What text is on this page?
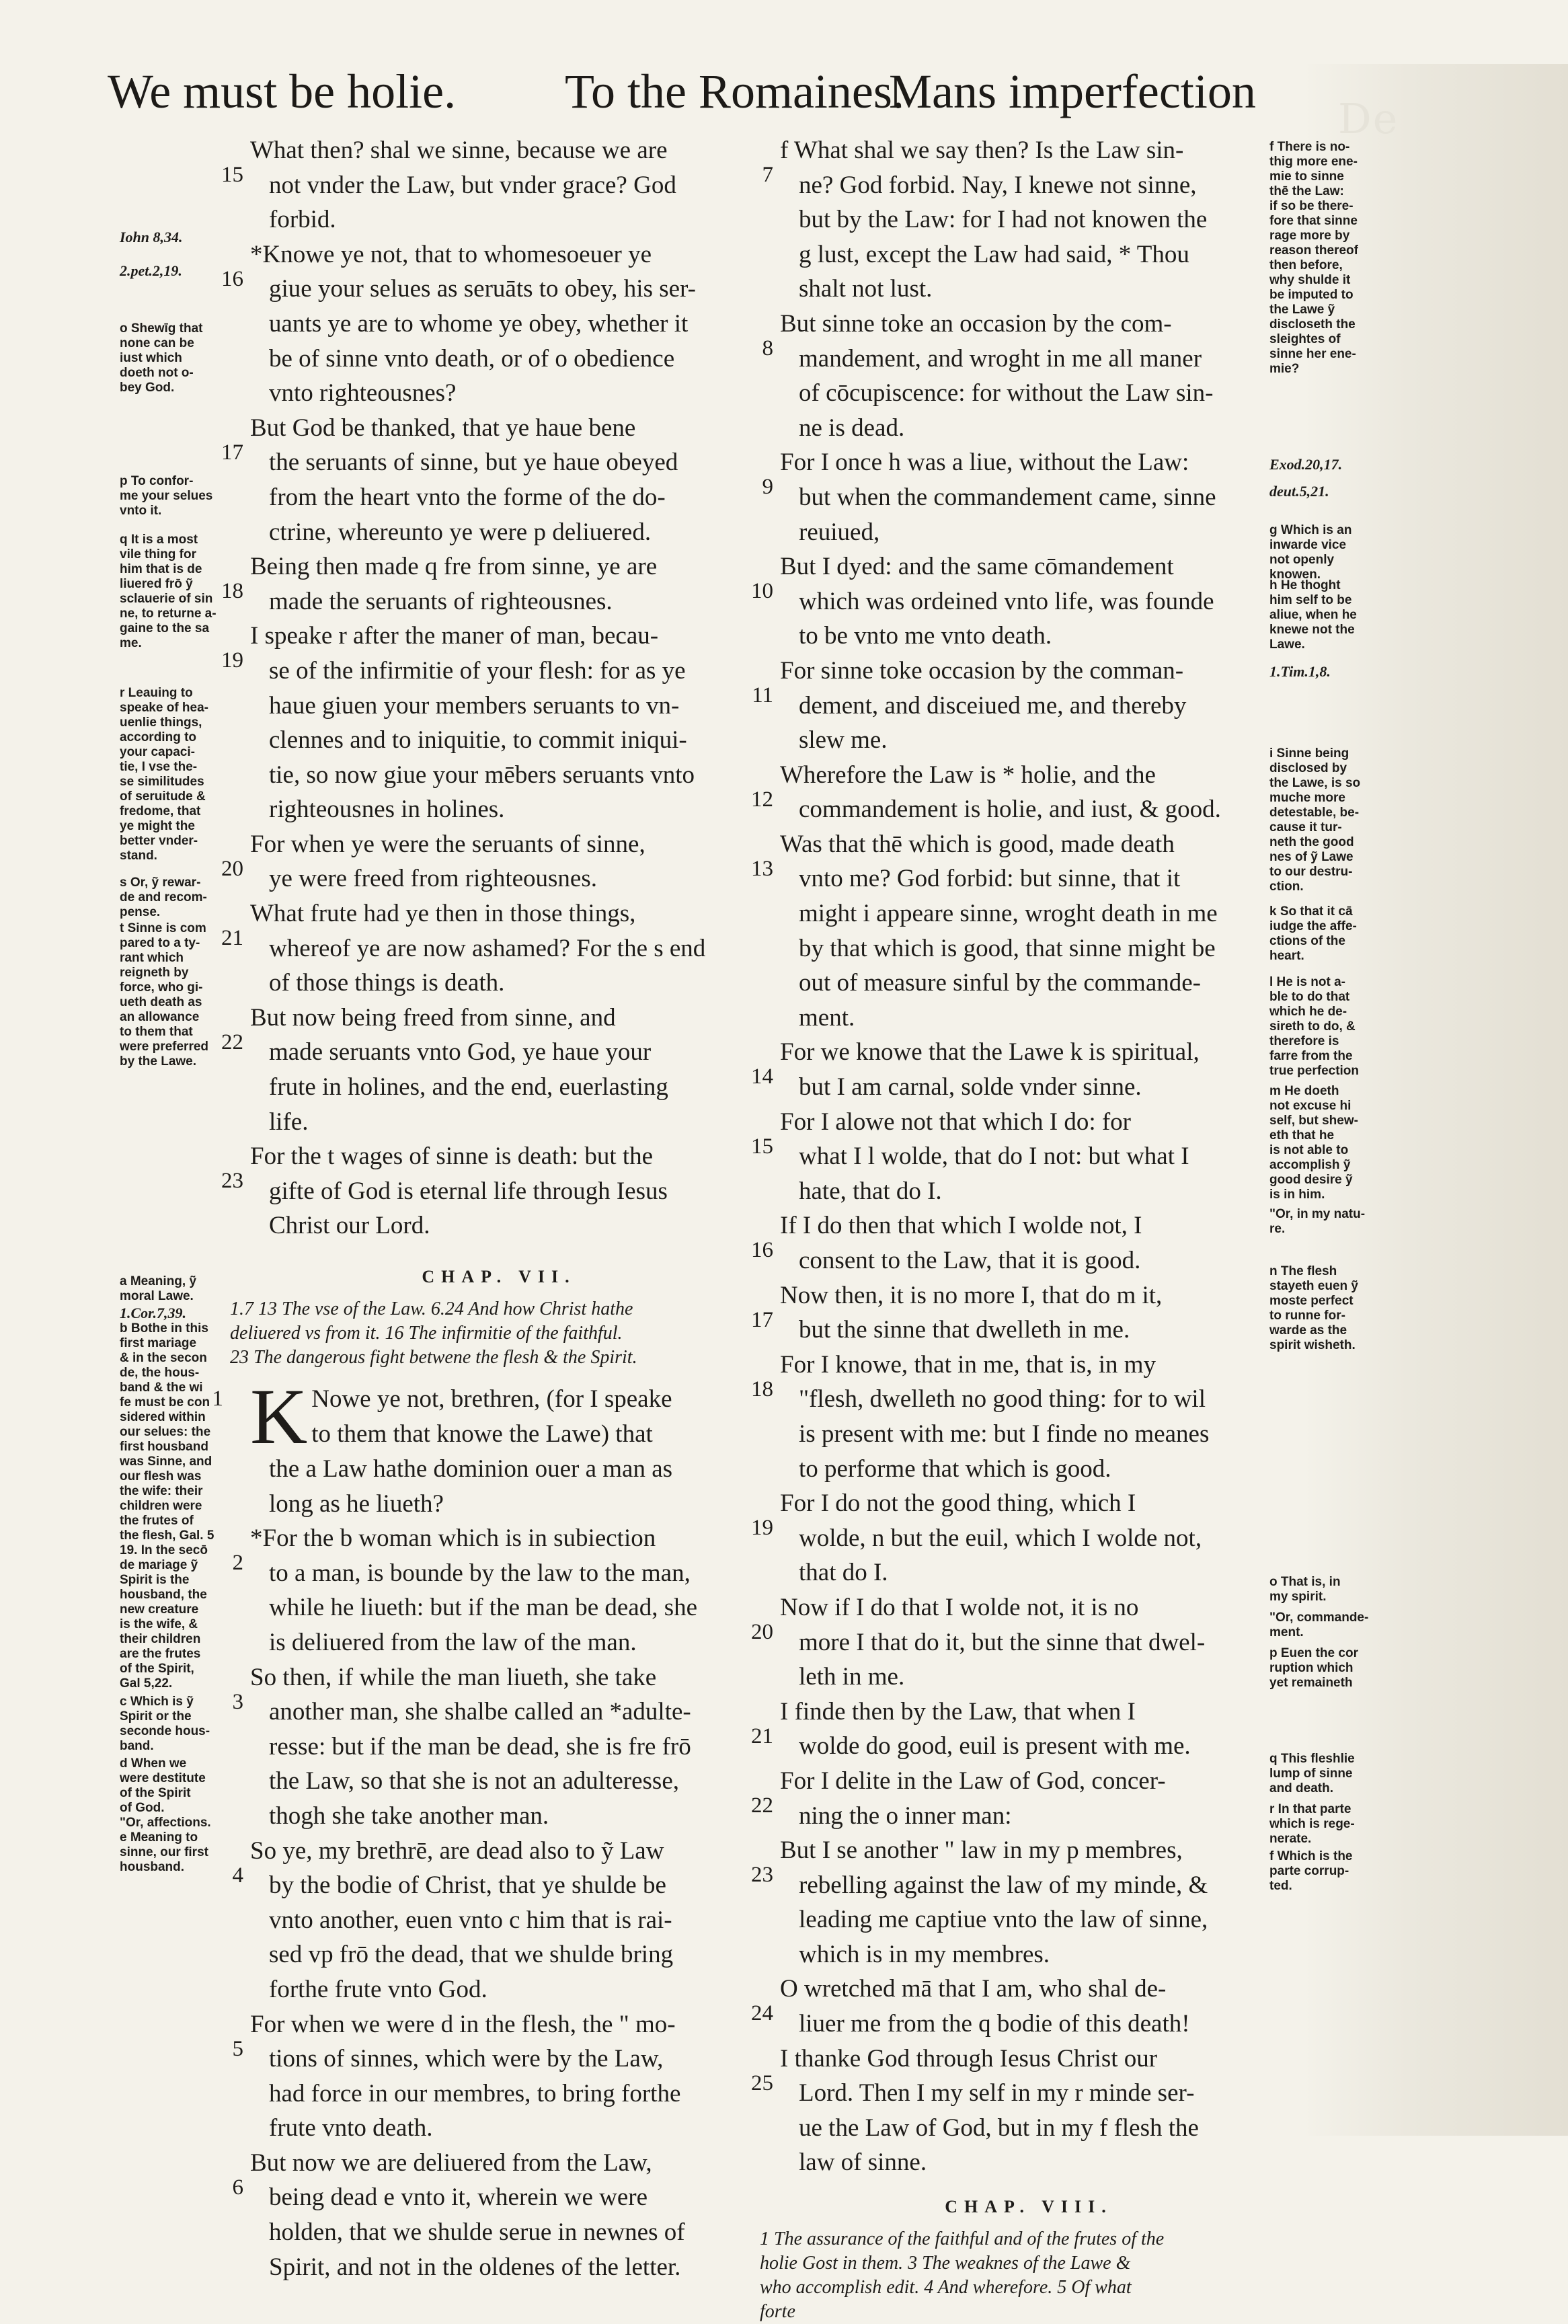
De
We must be holie. To the Romaines.
Mans imperfection
15
What then? shal we sinne, because we are
not vnder the Law, but vnder grace? God
forbid.
16
*Knowe ye not, that to whomesoeuer ye
giue your selues as seruāts to obey, his ser-
uants ye are to whome ye obey, whether it
be of sinne vnto death, or of o obedience
vnto righteousnes?
17
But God be thanked, that ye haue bene
the seruants of sinne, but ye haue obeyed
from the heart vnto the forme of the do-
ctrine, whereunto ye were p deliuered.
18
Being then made q fre from sinne, ye are
made the seruants of righteousnes.
19
I speake r after the maner of man, becau-
se of the infirmitie of your flesh: for as ye
haue giuen your members seruants to vn-
clennes and to iniquitie, to commit iniqui-
tie, so now giue your mēbers seruants vnto
righteousnes in holines.
20
For when ye were the seruants of sinne,
ye were freed from righteousnes.
21
What frute had ye then in those things,
whereof ye are now ashamed? For the s end
of those things is death.
22
But now being freed from sinne, and
made seruants vnto God, ye haue your
frute in holines, and the end, euerlasting
life.
23
For the t wages of sinne is death: but the
gifte of God is eternal life through Iesus
Christ our Lord.
CHAP. VII.
1.7 13 The vse of the Law. 6.24 And how Christ hathe
deliuered vs from it. 16 The infirmitie of the faithful.
23 The dangerous fight betwene the flesh & the Spirit.
1 K Nowe ye not, brethren, (for I speake
to them that knowe the Lawe) that
the a Law hathe dominion ouer a man as
long as he liueth?
2
*For the b woman which is in subiection
to a man, is bounde by the law to the man,
while he liueth: but if the man be dead, she
is deliuered from the law of the man.
3
So then, if while the man liueth, she take
another man, she shalbe called an *adulte-
resse: but if the man be dead, she is fre frō
the Law, so that she is not an adulteresse,
thogh she take another man.
4
So ye, my brethrē, are dead also to ỹ Law
by the bodie of Christ, that ye shulde be
vnto another, euen vnto c him that is rai-
sed vp frō the dead, that we shulde bring
forthe frute vnto God.
5
For when we were d in the flesh, the " mo-
tions of sinnes, which were by the Law,
had force in our membres, to bring forthe
frute vnto death.
6
But now we are deliuered from the Law,
being dead e vnto it, wherein we were
holden, that we shulde serue in newnes of
Spirit, and not in the oldenes of the letter.
7
f What shal we say then? Is the Law sin-
ne? God forbid. Nay, I knewe not sinne,
but by the Law: for I had not knowen the
g lust, except the Law had said, * Thou
shalt not lust.
8
But sinne toke an occasion by the com-
mandement, and wroght in me all maner
of cōcupiscence: for without the Law sin-
ne is dead.
9
For I once h was a liue, without the Law:
but when the commandement came, sinne
reuiued,
10
But I dyed: and the same cōmandement
which was ordeined vnto life, was founde
to be vnto me vnto death.
11
For sinne toke occasion by the comman-
dement, and disceiued me, and thereby
slew me.
12
Wherefore the Law is * holie, and the
commandement is holie, and iust, & good.
13
Was that thē which is good, made death
vnto me? God forbid: but sinne, that it
might i appeare sinne, wroght death in me
by that which is good, that sinne might be
out of measure sinful by the commande-
ment.
14
For we knowe that the Lawe k is spiritual,
but I am carnal, solde vnder sinne.
15
For I alowe not that which I do: for
what I l wolde, that do I not: but what I
hate, that do I.
16
If I do then that which I wolde not, I
consent to the Law, that it is good.
17
Now then, it is no more I, that do m it,
but the sinne that dwelleth in me.
18
For I knowe, that in me, that is, in my
"flesh, dwelleth no good thing: for to wil
is present with me: but I finde no meanes
to performe that which is good.
19
For I do not the good thing, which I
wolde, n but the euil, which I wolde not,
that do I.
20
Now if I do that I wolde not, it is no
more I that do it, but the sinne that dwel-
leth in me.
21
I finde then by the Law, that when I
wolde do good, euil is present with me.
22
For I delite in the Law of God, concer-
ning the o inner man:
23
But I se another " law in my p membres,
rebelling against the law of my minde, &
leading me captiue vnto the law of sinne,
which is in my membres.
24
O wretched mā that I am, who shal de-
liuer me from the q bodie of this death!
25
I thanke God through Iesus Christ our
Lord. Then I my self in my r minde ser-
ue the Law of God, but in my f flesh the
law of sinne.
CHAP. VIII.
1 The assurance of the faithful and of the frutes of the
holie Gost in them. 3 The weaknes of the Lawe &
who accomplish edit. 4 And wherefore. 5 Of what
forte
Iohn 8,34.
2.pet.2,19.
o Shewīg that
none can be
iust which
doeth not o-
bey God.
p To confor-
me your selues
vnto it.
q It is a most
vile thing for
him that is de
liuered frō ỹ
sclauerie of sin
ne, to returne a-
gaine to the sa
me.
r Leauing to
speake of hea-
uenlie things,
according to
your capaci-
tie, I vse the-
se similitudes
of seruitude &
fredome, that
ye might the
better vnder-
stand.
s Or, ỹ rewar-
de and recom-
pense.
t Sinne is com
pared to a ty-
rant which
reigneth by
force, who gi-
ueth death as
an allowance
to them that
were preferred
by the Lawe.
a Meaning, ỹ
moral Lawe.
1.Cor.7,39.
b Bothe in this
first mariage
& in the secon
de, the hous-
band & the wi
fe must be con
sidered within
our selues: the
first housband
was Sinne, and
our flesh was
the wife: their
children were
the frutes of
the flesh, Gal. 5
19. In the secō
de mariage ỹ
Spirit is the
housband, the
new creature
is the wife, &
their children
are the frutes
of the Spirit,
Gal 5,22.
c Which is ỹ
Spirit or the
seconde hous-
band.
d When we
were destitute
of the Spirit
of God.
"Or, affections.
e Meaning to
sinne, our first
housband.
f There is no-
thig more ene-
mie to sinne
thē the Law:
if so be there-
fore that sinne
rage more by
reason thereof
then before,
why shulde it
be imputed to
the Lawe ỹ
discloseth the
sleightes of
sinne her ene-
mie?
Exod.20,17.
deut.5,21.
g Which is an
inwarde vice
not openly
knowen.
h He thoght
him self to be
aliue, when he
knewe not the
Lawe.
1.Tim.1,8.
i Sinne being
disclosed by
the Lawe, is so
muche more
detestable, be-
cause it tur-
neth the good
nes of ỹ Lawe
to our destru-
ction.
k So that it cā
iudge the affe-
ctions of the
heart.
l He is not a-
ble to do that
which he de-
sireth to do, &
therefore is
farre from the
true perfection
m He doeth
not excuse hi
self, but shew-
eth that he
is not able to
accomplish ỹ
good desire ỹ
is in him.
"Or, in my natu-
re.
n The flesh
stayeth euen ỹ
moste perfect
to runne for-
warde as the
spirit wisheth.
o That is, in
my spirit.
"Or, commande-
ment.
p Euen the cor
ruption which
yet remaineth
q This fleshlie
lump of sinne
and death.
r In that parte
which is rege-
nerate.
f Which is the
parte corrup-
ted.
